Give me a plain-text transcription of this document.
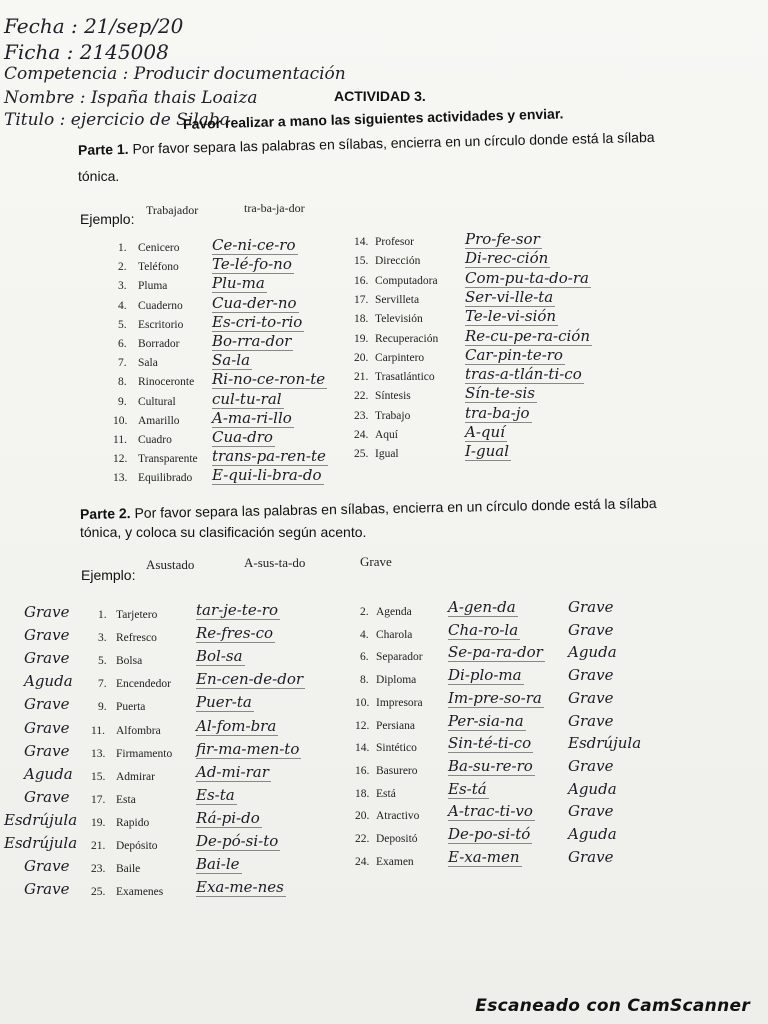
Fecha : 21/sep/20
Ficha : 2145008
Competencia : Producir documentación
Nombre : Ispaña thais Loaiza
Titulo : ejercicio de Silaba
ACTIVIDAD 3.
Favor realizar a mano las siguientes actividades y enviar.
Parte 1. Por favor separa las palabras en sílabas, encierra en un círculo donde está la sílaba
tónica.
Ejemplo:
Trabajador	tra-ba-ja-dor
1. Cenicero Ce-ni-ce-ro
2. Teléfono Te-lé-fo-no
3. Pluma	Plu-ma
4. Cuaderno Cua-der-no
5. Escritorio Es-cri-to-rio
6. Borrador Bo-rra-dor
7. Sala	Sa-la
8. Rinoceronte Ri-no-ce-ron-te
9. Cultural cul-tu-ral
10. Amarillo A-ma-ri-llo
11. Cuadro	Cua-dro
12. Transparente trans-pa-ren-te
13. Equilibrado E-qui-li-bra-do
14. Profesor	Pro-fe-sor
15. Dirección	Di-rec-ción
16. Computadora Com-pu-ta-do-ra
17. Servilleta	Ser-vi-lle-ta
18. Televisión	Te-le-vi-sión
19. Recuperación Re-cu-pe-ra-ción
20. Carpintero	Car-pin-te-ro
21. Trasatlántico tras-a-tlán-ti-co
22. Síntesis	Sín-te-sis
23. Trabajo	tra-ba-jo
24. Aquí	A-quí
25. Igual	I-gual
Parte 2. Por favor separa las palabras en sílabas, encierra en un círculo donde está la sílaba
tónica, y coloca su clasificación según acento.
Ejemplo:
Asustado	A-sus-ta-do	Grave
Grave 1. Tarjetero	tar-je-te-ro
Grave 3. Refresco	Re-fres-co
Grave 5. Bolsa	Bol-sa
Aguda 7. Encendedor En-cen-de-dor
Grave 9. Puerta	Puer-ta
Grave 11. Alfombra Al-fom-bra
Grave 13. Firmamento fir-ma-men-to
Aguda 15. Admirar	Ad-mi-rar
Grave 17. Esta	Es-ta
Esdrújula 19. Rapido	Rá-pi-do
Esdrújula 21. Depósito	De-pó-si-to
Grave 23. Baile	Bai-le
Grave 25. Examenes Exa-me-nes
2. Agenda A-gen-da	Grave
4. Charola Cha-ro-la	Grave
6. Separador Se-pa-ra-dor Aguda
8. Diploma Di-plo-ma	Grave
10. Impresora Im-pre-so-ra Grave
12. Persiana Per-sia-na	Grave
14. Sintético Sin-té-ti-co Esdrújula
16. Basurero Ba-su-re-ro Grave
18. Está	Es-tá	Aguda
20. Atractivo A-trac-ti-vo Grave
22. Depositó De-po-si-tó	Aguda
24. Examen E-xa-men	Grave
Escaneado con CamScanner
